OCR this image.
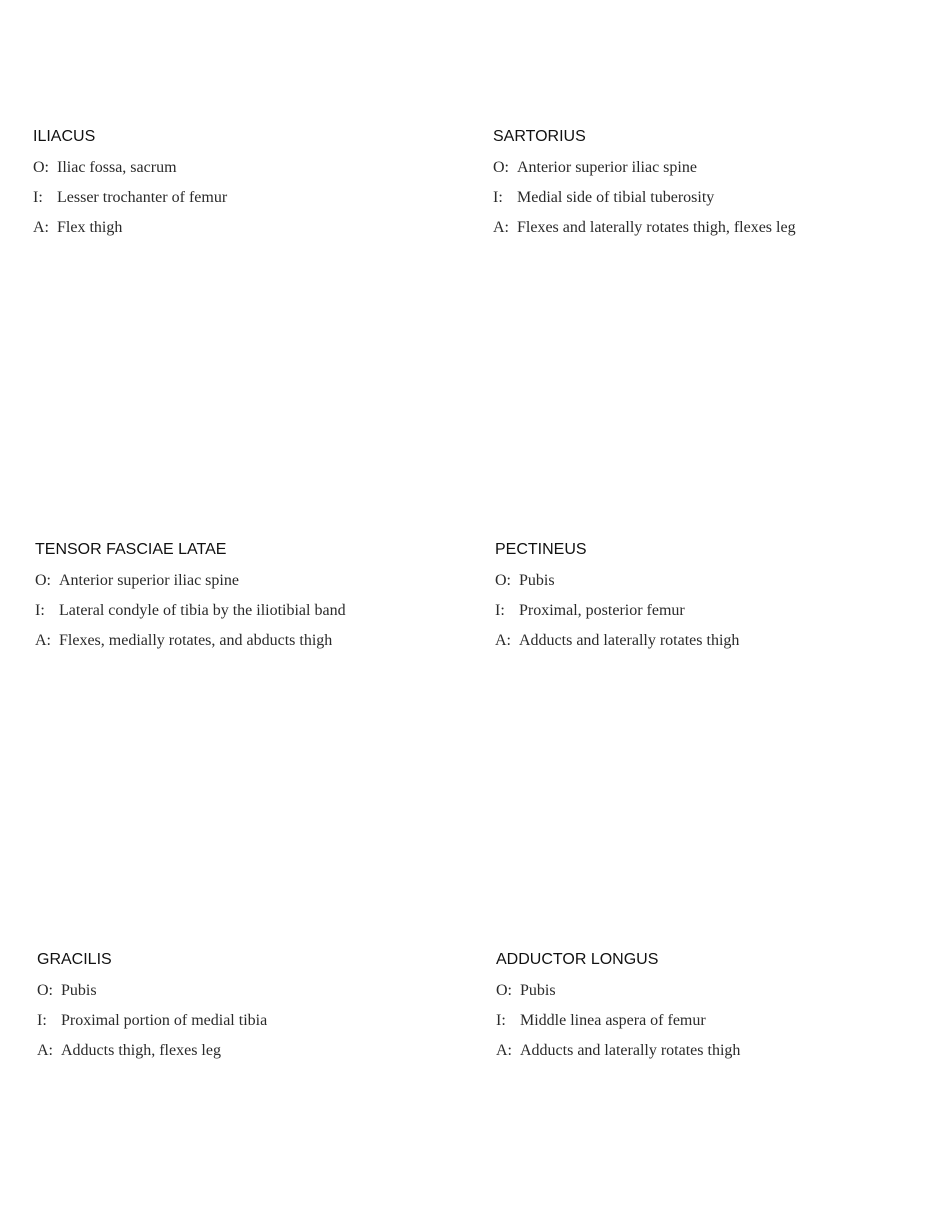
ILIACUS
O: Iliac fossa, sacrum
I: Lesser trochanter of femur
A: Flex thigh
SARTORIUS
O: Anterior superior iliac spine
I: Medial side of tibial tuberosity
A: Flexes and laterally rotates thigh, flexes leg
TENSOR FASCIAE LATAE
O: Anterior superior iliac spine
I: Lateral condyle of tibia by the iliotibial band
A: Flexes, medially rotates, and abducts thigh
PECTINEUS
O: Pubis
I: Proximal, posterior femur
A: Adducts and laterally rotates thigh
GRACILIS
O: Pubis
I: Proximal portion of medial tibia
A: Adducts thigh, flexes leg
ADDUCTOR LONGUS
O: Pubis
I: Middle linea aspera of femur
A: Adducts and laterally rotates thigh
